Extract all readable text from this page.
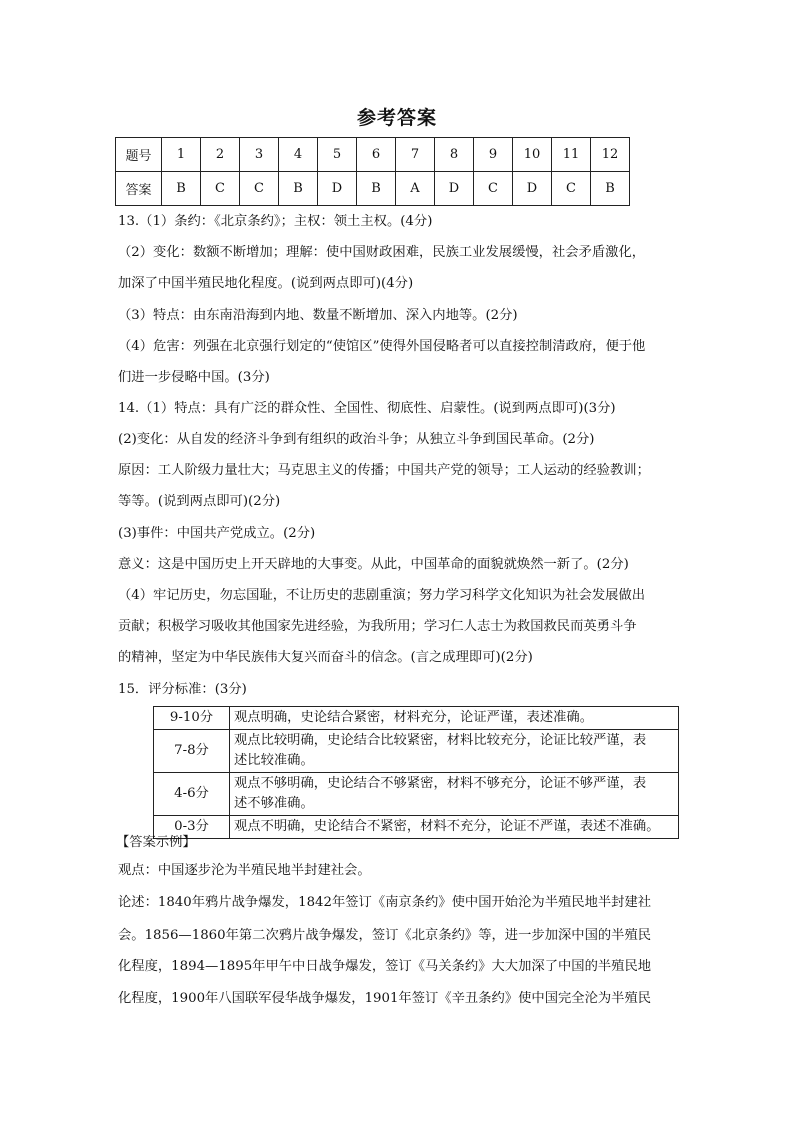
参考答案
题号	1	2	3	4	5	6	7	8	9	10	11	12
答案	B	C	C	B	D	B	A	D	C	D	C	B
13.（1）条约：《北京条约》；主权：领土主权。(4分)
（2）变化：数额不断增加；理解：使中国财政困难，民族工业发展缓慢，社会矛盾激化，
加深了中国半殖民地化程度。(说到两点即可)(4分)
（3）特点：由东南沿海到内地、数量不断增加、深入内地等。(2分)
（4）危害：列强在北京强行划定的“使馆区”使得外国侵略者可以直接控制清政府，便于他
们进一步侵略中国。(3分)
14.（1）特点：具有广泛的群众性、全国性、彻底性、启蒙性。(说到两点即可)(3分)
(2)变化：从自发的经济斗争到有组织的政治斗争；从独立斗争到国民革命。(2分)
原因：工人阶级力量壮大；马克思主义的传播；中国共产党的领导；工人运动的经验教训；
等等。(说到两点即可)(2分)
(3)事件：中国共产党成立。(2分)
意义：这是中国历史上开天辟地的大事变。从此，中国革命的面貌就焕然一新了。(2分)
（4）牢记历史，勿忘国耻，不让历史的悲剧重演；努力学习科学文化知识为社会发展做出
贡献；积极学习吸收其他国家先进经验，为我所用；学习仁人志士为救国救民而英勇斗争
的精神，坚定为中华民族伟大复兴而奋斗的信念。(言之成理即可)(2分)
15．评分标准：(3分)
9-10分	观点明确，史论结合紧密，材料充分，论证严谨，表述准确。
7-8分	观点比较明确，史论结合比较紧密，材料比较充分，论证比较严谨，表
述比较准确。
4-6分	观点不够明确，史论结合不够紧密，材料不够充分，论证不够严谨，表
述不够准确。
0-3分	观点不明确，史论结合不紧密，材料不充分，论证不严谨，表述不准确。
【答案示例】
观点：中国逐步沦为半殖民地半封建社会。
论述：1840年鸦片战争爆发，1842年签订《南京条约》使中国开始沦为半殖民地半封建社
会。1856—1860年第二次鸦片战争爆发，签订《北京条约》等，进一步加深中国的半殖民
化程度，1894—1895年甲午中日战争爆发，签订《马关条约》大大加深了中国的半殖民地
化程度，1900年八国联军侵华战争爆发，1901年签订《辛丑条约》使中国完全沦为半殖民
